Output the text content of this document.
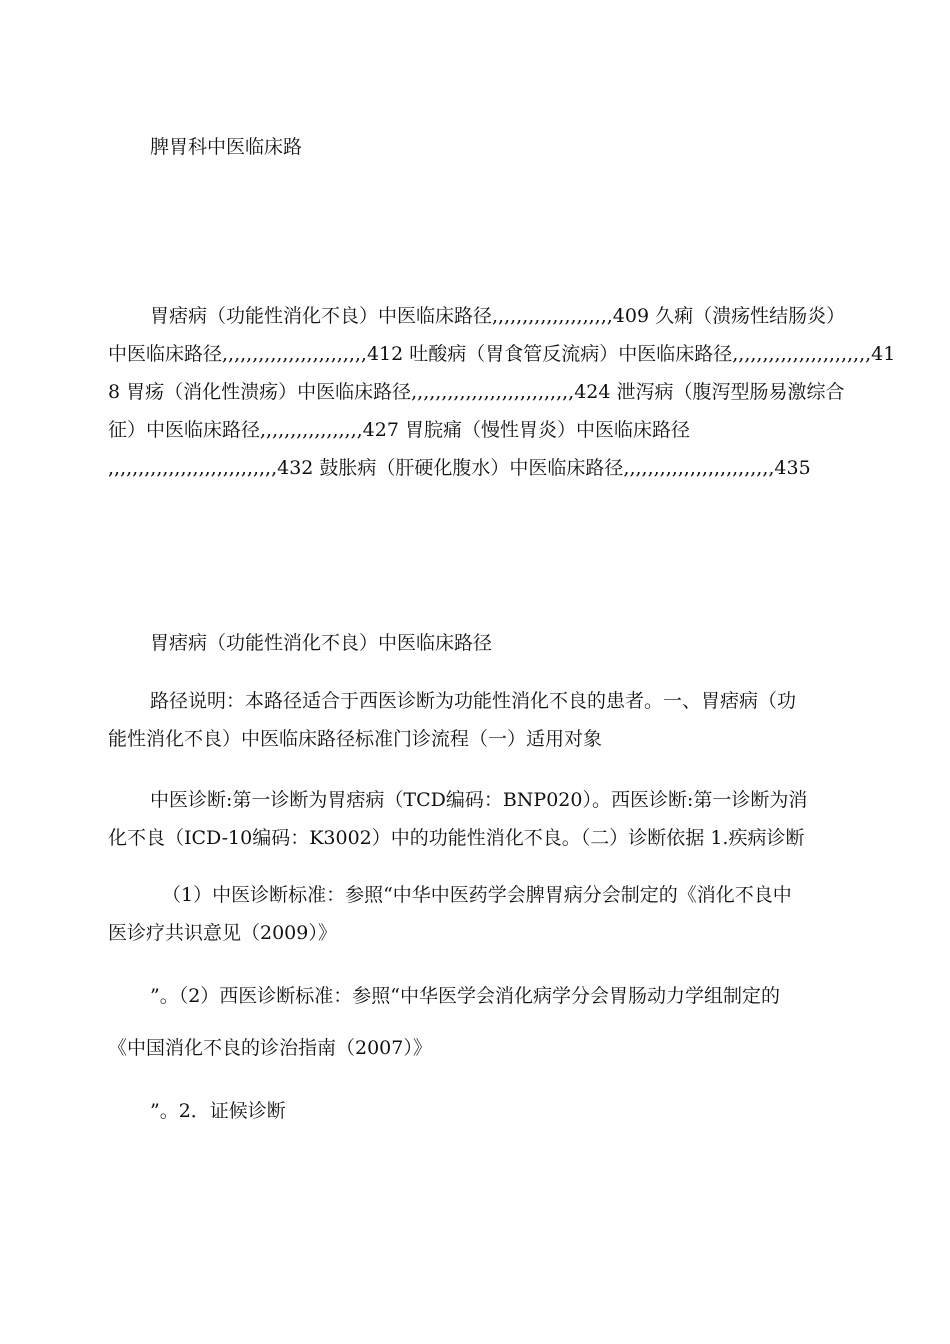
脾胃科中医临床路

胃痞病（功能性消化不良）中医临床路径,,,,,,,,,,,,,,,,,,,,409 久痢（溃疡性结肠炎）
中医临床路径,,,,,,,,,,,,,,,,,,,,,,,,412 吐酸病（胃食管反流病）中医临床路径,,,,,,,,,,,,,,,,,,,,,,,41
8 胃疡（消化性溃疡）中医临床路径,,,,,,,,,,,,,,,,,,,,,,,,,,,424 泄泻病（腹泻型肠易激综合
征）中医临床路径,,,,,,,,,,,,,,,,,427 胃脘痛（慢性胃炎）中医临床路径
,,,,,,,,,,,,,,,,,,,,,,,,,,,,432 鼓胀病（肝硬化腹水）中医临床路径,,,,,,,,,,,,,,,,,,,,,,,,,435

胃痞病（功能性消化不良）中医临床路径

路径说明：本路径适合于西医诊断为功能性消化不良的患者。一、胃痞病（功
能性消化不良）中医临床路径标准门诊流程（一）适用对象
中医诊断:第一诊断为胃痞病（TCD编码：BNP020）。西医诊断:第一诊断为消
化不良（ICD-10编码：K3002）中的功能性消化不良。（二）诊断依据 1.疾病诊断
（1）中医诊断标准：参照“中华中医药学会脾胃病分会制定的《消化不良中
医诊疗共识意见（2009）》

”。（2）西医诊断标准：参照“中华医学会消化病学分会胃肠动力学组制定的

《中国消化不良的诊治指南（2007）》

”。2．证候诊断
